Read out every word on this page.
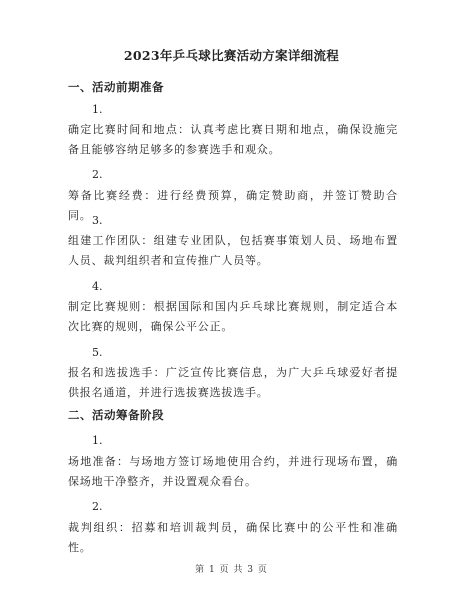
2023年乒乓球比赛活动方案详细流程
一、活动前期准备
1.
确定比赛时间和地点：认真考虑比赛日期和地点，确保设施完备且能够容纳足够多的参赛选手和观众。
2.
筹备比赛经费：进行经费预算，确定赞助商，并签订赞助合同。 3.
组建工作团队：组建专业团队，包括赛事策划人员、场地布置人员、裁判组织者和宣传推广人员等。
4.
制定比赛规则：根据国际和国内乒乓球比赛规则，制定适合本次比赛的规则，确保公平公正。
5.
报名和选拔选手：广泛宣传比赛信息，为广大乒乓球爱好者提供报名通道，并进行选拔赛选拔选手。
二、活动筹备阶段
1.
场地准备：与场地方签订场地使用合约，并进行现场布置，确保场地干净整齐，并设置观众看台。
2.
裁判组织：招募和培训裁判员，确保比赛中的公平性和准确性。
第 1 页 共 3 页
